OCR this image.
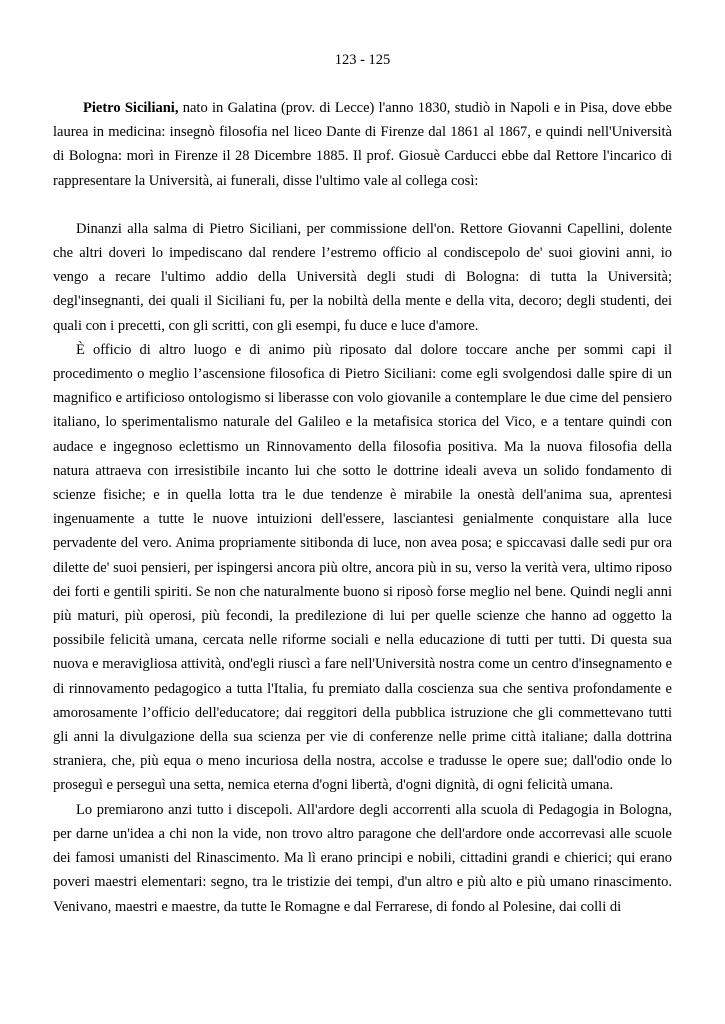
123 - 125

Pietro Siciliani, nato in Galatina (prov. di Lecce) l'anno 1830, studiò in Napoli e in Pisa, dove ebbe laurea in medicina: insegnò filosofia nel liceo Dante di Firenze dal 1861 al 1867, e quindi nell'Università di Bologna: morì in Firenze il 28 Dicembre 1885. Il prof. Giosuè Carducci ebbe dal Rettore l'incarico di rappresentare la Università, ai funerali, disse l'ultimo vale al collega così:

Dinanzi alla salma di Pietro Siciliani, per commissione dell'on. Rettore Giovanni Capellini, dolente che altri doveri lo impediscano dal rendere l’estremo officio al condiscepolo de' suoi giovini anni, io vengo a recare l'ultimo addio della Università degli studi di Bologna: di tutta la Università; degl'insegnanti, dei quali il Siciliani fu, per la nobiltà della mente e della vita, decoro; degli studenti, dei quali con i precetti, con gli scritti, con gli esempi, fu duce e luce d'amore.

È officio di altro luogo e di animo più riposato dal dolore toccare anche per sommi capi il procedimento o meglio l’ascensione filosofica di Pietro Siciliani: come egli svolgendosi dalle spire di un magnifico e artificioso ontologismo si liberasse con volo giovanile a contemplare le due cime del pensiero italiano, lo sperimentalismo naturale del Galileo e la metafisica storica del Vico, e a tentare quindi con audace e ingegnoso eclettismo un Rinnovamento della filosofia positiva. Ma la nuova filosofia della natura attraeva con irresistibile incanto lui che sotto le dottrine ideali aveva un solido fondamento di scienze fisiche; e in quella lotta tra le due tendenze è mirabile la onestà dell'anima sua, aprentesi ingenuamente a tutte le nuove intuizioni dell'essere, lasciantesi genialmente conquistare alla luce pervadente del vero. Anima propriamente sitibonda di luce, non avea posa; e spiccavasi dalle sedi pur ora dilette de' suoi pensieri, per ispingersi ancora più oltre, ancora più in su, verso la verità vera, ultimo riposo dei forti e gentili spiriti. Se non che naturalmente buono si riposò forse meglio nel bene. Quindi negli anni più maturi, più operosi, più fecondi, la predilezione di lui per quelle scienze che hanno ad oggetto la possibile felicità umana, cercata nelle riforme sociali e nella educazione di tutti per tutti. Di questa sua nuova e meravigliosa attività, ond'egli riuscì a fare nell'Università nostra come un centro d'insegnamento e di rinnovamento pedagogico a tutta l'Italia, fu premiato dalla coscienza sua che sentiva profondamente e amorosamente l’officio dell'educatore; dai reggitori della pubblica istruzione che gli commettevano tutti gli anni la divulgazione della sua scienza per vie di conferenze nelle prime città italiane; dalla dottrina straniera, che, più equa o meno incuriosa della nostra, accolse e tradusse le opere sue; dall'odio onde lo proseguì e perseguì una setta, nemica eterna d'ogni libertà, d'ogni dignità, di ogni felicità umana.

Lo premiarono anzi tutto i discepoli. All'ardore degli accorrenti alla scuola di Pedagogia in Bologna, per darne un'idea a chi non la vide, non trovo altro paragone che dell'ardore onde accorrevasi alle scuole dei famosi umanisti del Rinascimento. Ma lì erano principi e nobili, cittadini grandi e chierici; qui erano poveri maestri elementari: segno, tra le tristizie dei tempi, d'un altro e più alto e più umano rinascimento. Venivano, maestri e maestre, da tutte le Romagne e dal Ferrarese, di fondo al Polesine, dai colli di
